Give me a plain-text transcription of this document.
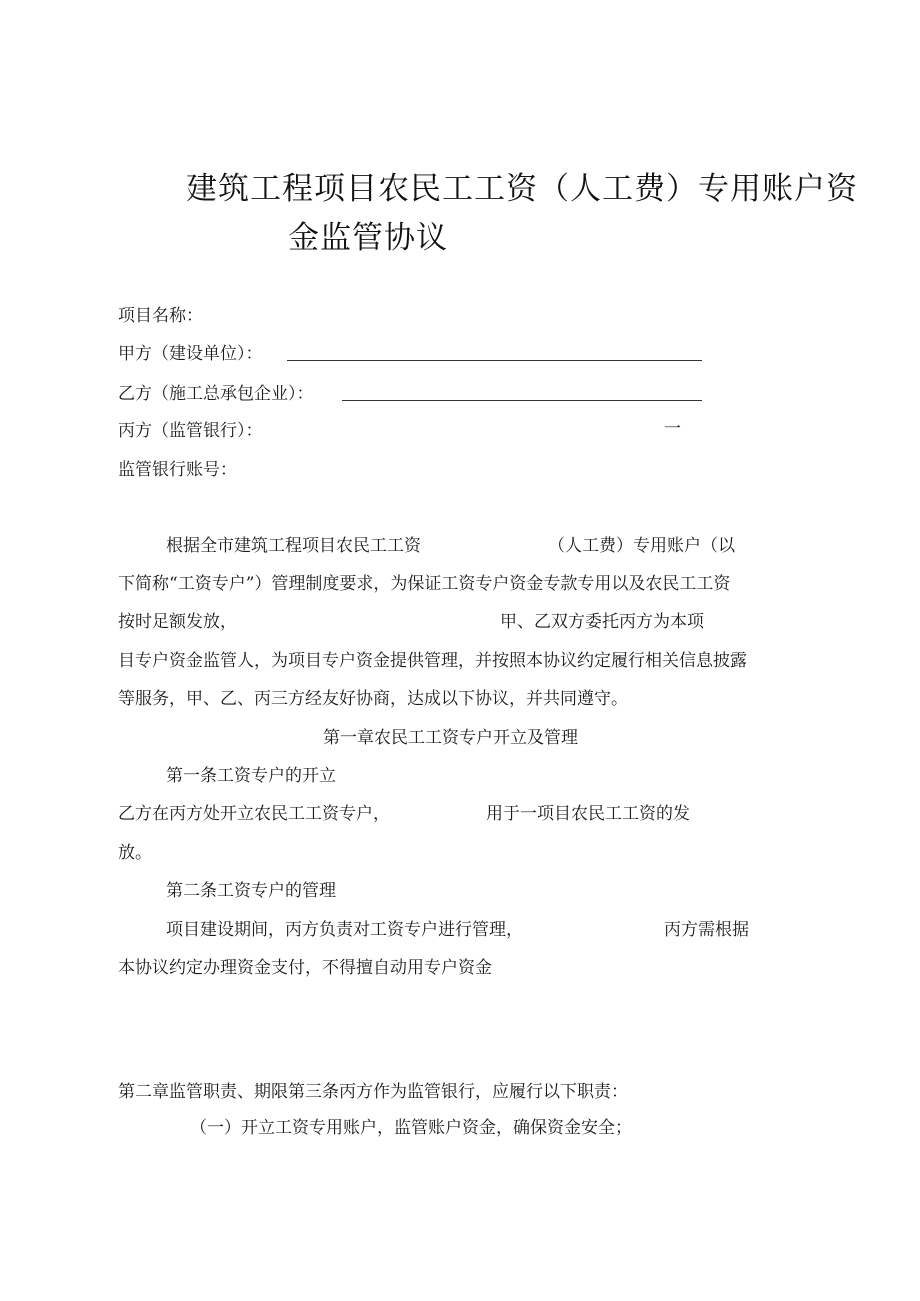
建筑工程项目农民工工资（人工费）专用账户资
金监管协议
项目名称：
甲方（建设单位）：
乙方（施工总承包企业）：
丙方（监管银行）：	一
监管银行账号：
根据全市建筑工程项目农民工工资	（人工费）专用账户（以
下简称“工资专户”）管理制度要求，为保证工资专户资金专款专用以及农民工工资
按时足额发放，	甲、乙双方委托丙方为本项
目专户资金监管人，为项目专户资金提供管理，并按照本协议约定履行相关信息披露
等服务，甲、乙、丙三方经友好协商，达成以下协议，并共同遵守。
第一章农民工工资专户开立及管理
第一条工资专户的开立
乙方在丙方处开立农民工工资专户，	用于一项目农民工工资的发
放。
第二条工资专户的管理
项目建设期间，丙方负责对工资专户进行管理，	丙方需根据
本协议约定办理资金支付，不得擅自动用专户资金
第二章监管职责、期限第三条丙方作为监管银行，应履行以下职责：
（一）开立工资专用账户，监管账户资金，确保资金安全；
